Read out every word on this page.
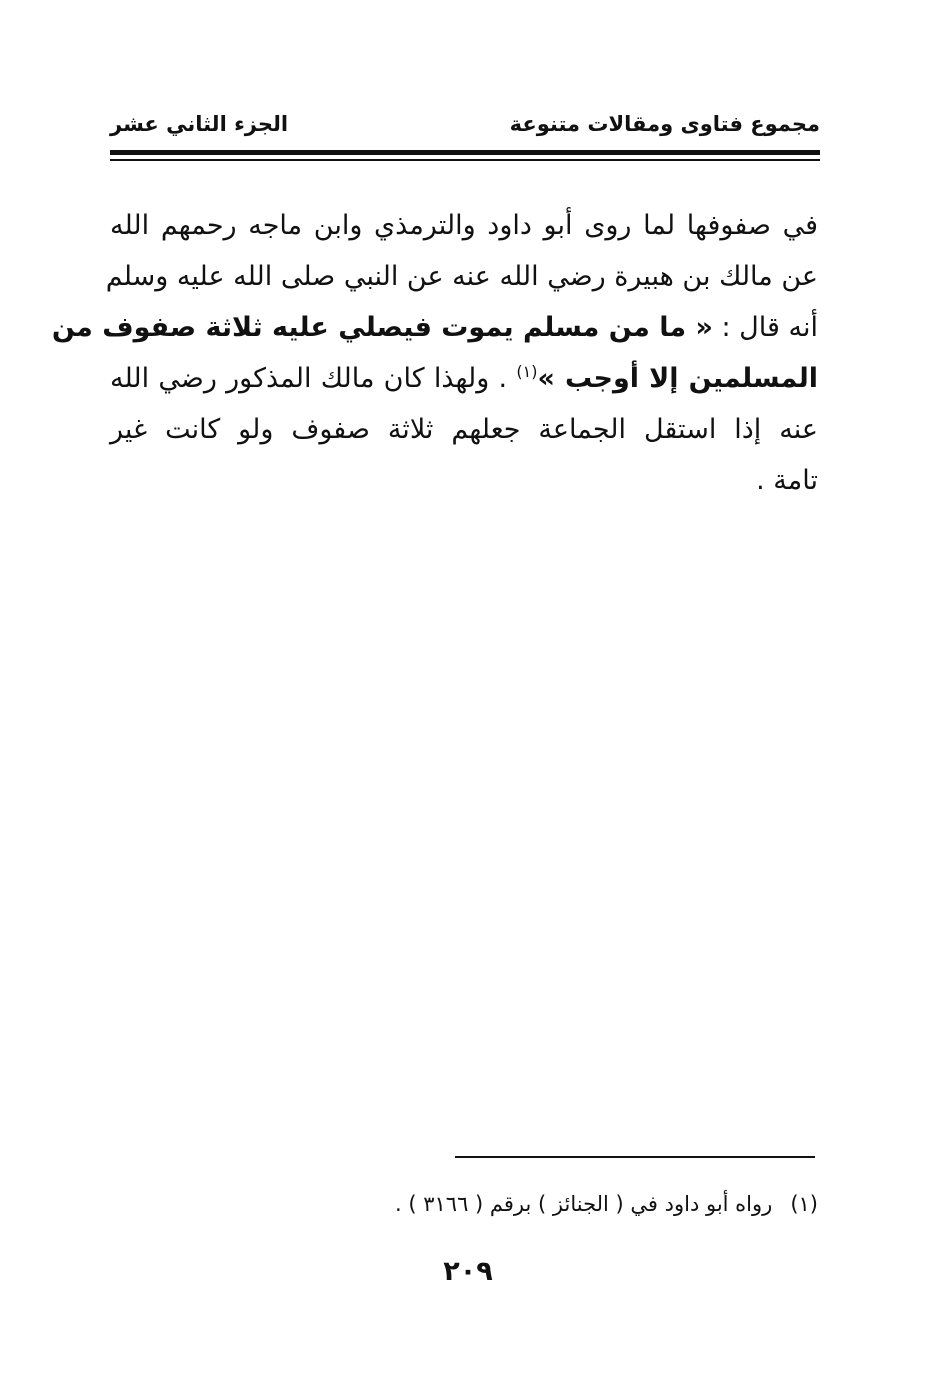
مجموع فتاوى ومقالات متنوعة
الجزء الثاني عشر
في صفوفها لما روى أبو داود والترمذي وابن ماجه رحمهم الله
عن مالك بن هبيرة رضي الله عنه عن النبي صلى الله عليه وسلم
أنه قال : « ما من مسلم يموت فيصلي عليه ثلاثة صفوف من
المسلمين إلا أوجب »$^{(١)}$ . ولهذا كان مالك المذكور رضي الله
عنه إذا استقل الجماعة جعلهم ثلاثة صفوف ولو كانت غير
تامة .
(١)رواه أبو داود في ( الجنائز ) برقم ( ٣١٦٦ ) .
٢٠٩
